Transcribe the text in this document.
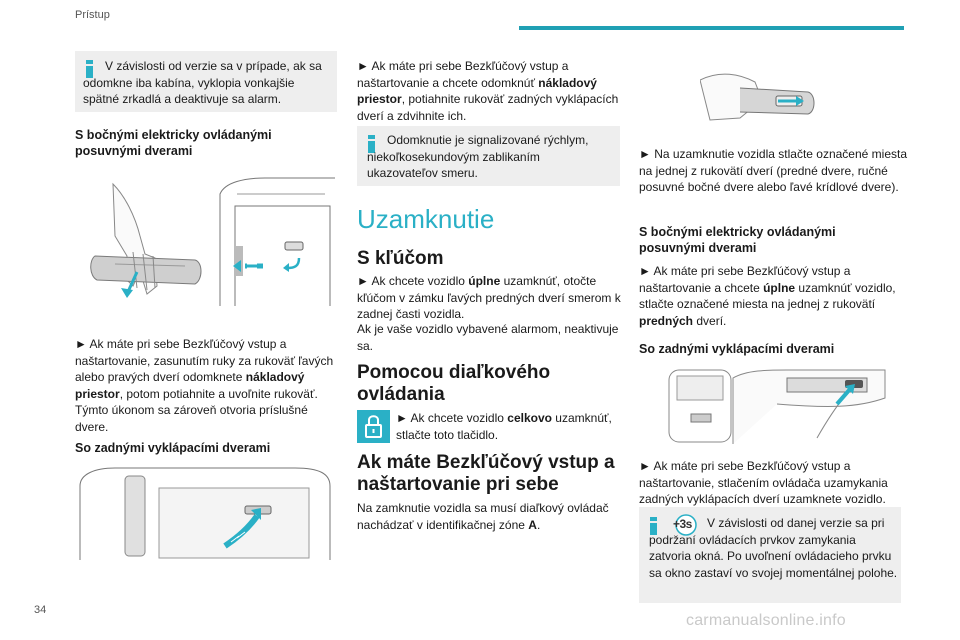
Prístup

V závislosti od verzie sa v prípade, ak sa odomkne iba kabína, vyklopia vonkajšie spätné zrkadlá a deaktivuje sa alarm.

S bočnými elektricky ovládanými posuvnými dverami

► Ak máte pri sebe Bezkľúčový vstup a naštartovanie, zasunutím ruky za rukoväť ľavých alebo pravých dverí odomknete nákladový priestor, potom potiahnite a uvoľnite rukoväť. Týmto úkonom sa zároveň otvoria príslušné dvere.

So zadnými vyklápacími dverami

34

► Ak máte pri sebe Bezkľúčový vstup a naštartovanie a chcete odomknúť nákladový priestor, potiahnite rukoväť zadných vyklápacích dverí a zdvihnite ich.

Odomknutie je signalizované rýchlym, niekoľkosekundovým zablikaním ukazovateľov smeru.

Uzamknutie
S kľúčom

► Ak chcete vozidlo úplne uzamknúť, otočte kľúčom v zámku ľavých predných dverí smerom k zadnej časti vozidla.

Ak je vaše vozidlo vybavené alarmom, neaktivuje sa.

Pomocou diaľkového ovládania

► Ak chcete vozidlo celkovo uzamknúť, stlačte toto tlačidlo.

Ak máte Bezkľúčový vstup a naštartovanie pri sebe

Na zamknutie vozidla sa musí diaľkový ovládač nachádzať v identifikačnej zóne A.

► Na uzamknutie vozidla stlačte označené miesta na jednej z rukovätí dverí (predné dvere, ručné posuvné bočné dvere alebo ľavé krídlové dvere).

S bočnými elektricky ovládanými posuvnými dverami

► Ak máte pri sebe Bezkľúčový vstup a naštartovanie a chcete úplne uzamknúť vozidlo, stlačte označené miesta na jednej z rukovätí predných dverí.

So zadnými vyklápacími dverami

► Ak máte pri sebe Bezkľúčový vstup a naštartovanie, stlačením ovládača uzamykania zadných vyklápacích dverí uzamknete vozidlo.

+3s	V závislosti od danej verzie sa pri podržaní ovládacích prvkov zamykania zatvoria okná. Po uvoľnení ovládacieho prvku sa okno zastaví vo svojej momentálnej polohe.

carmanualsonline.info
